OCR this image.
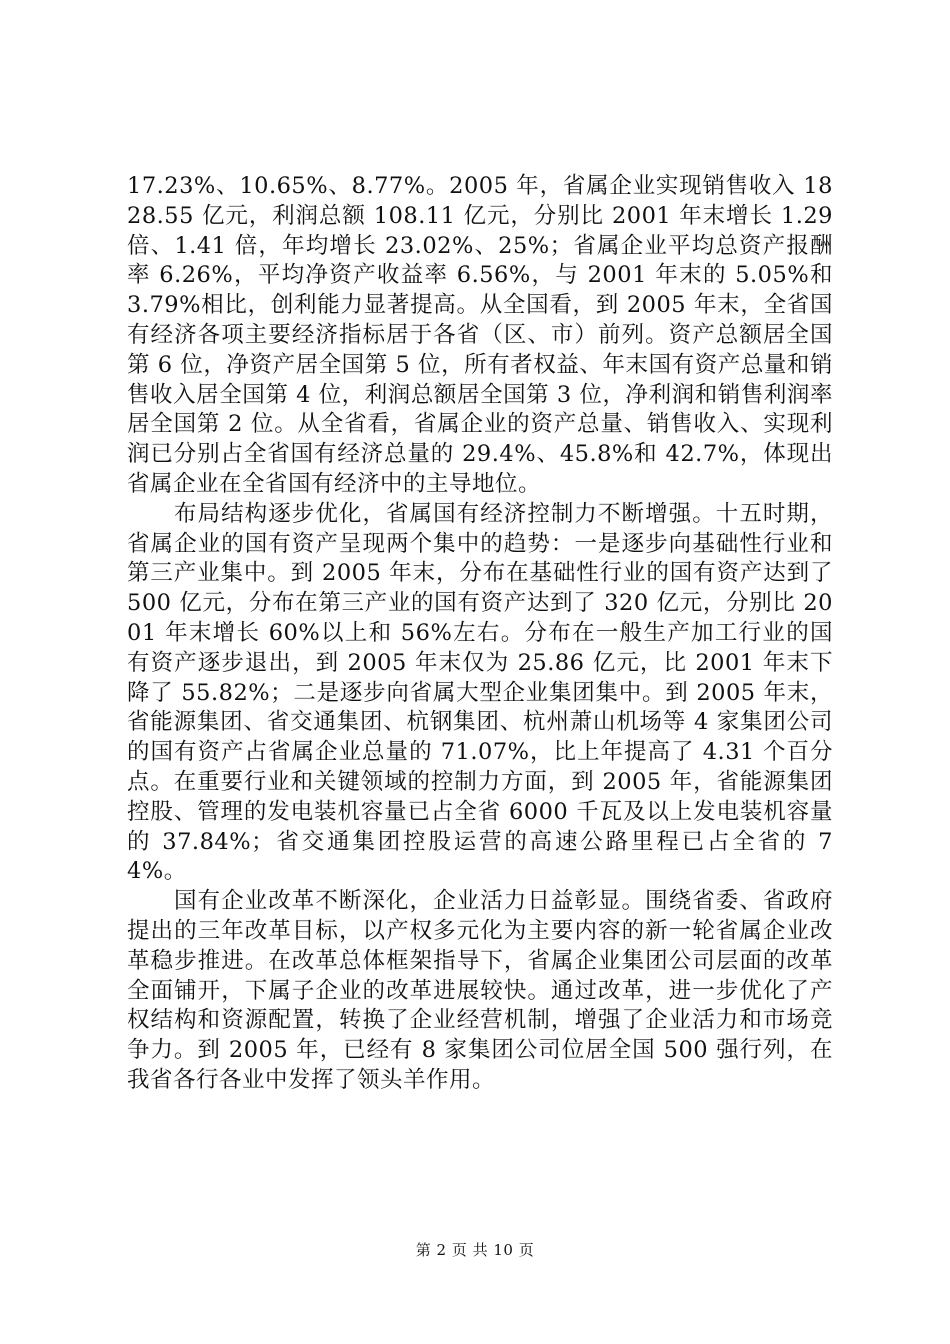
17.23%、10.65%、8.77%。2005 年，省属企业实现销售收入 1828.55 亿元，利润总额 108.11 亿元，分别比 2001 年末增长 1.29 倍、1.41 倍，年均增长 23.02%、25%；省属企业平均总资产报酬率 6.26%，平均净资产收益率 6.56%，与 2001 年末的 5.05%和 3.79%相比，创利能力显著提高。从全国看，到 2005 年末，全省国有经济各项主要经济指标居于各省（区、市）前列。资产总额居全国第 6 位，净资产居全国第 5 位，所有者权益、年末国有资产总量和销售收入居全国第 4 位，利润总额居全国第 3 位，净利润和销售利润率居全国第 2 位。从全省看，省属企业的资产总量、销售收入、实现利润已分别占全省国有经济总量的 29.4%、45.8%和 42.7%，体现出省属企业在全省国有经济中的主导地位。

布局结构逐步优化，省属国有经济控制力不断增强。十五时期，省属企业的国有资产呈现两个集中的趋势：一是逐步向基础性行业和第三产业集中。到 2005 年末，分布在基础性行业的国有资产达到了 500 亿元，分布在第三产业的国有资产达到了 320 亿元，分别比 2001 年末增长 60%以上和 56%左右。分布在一般生产加工行业的国有资产逐步退出，到 2005 年末仅为 25.86 亿元，比 2001 年末下降了 55.82%；二是逐步向省属大型企业集团集中。到 2005 年末，省能源集团、省交通集团、杭钢集团、杭州萧山机场等 4 家集团公司的国有资产占省属企业总量的 71.07%，比上年提高了 4.31 个百分点。在重要行业和关键领域的控制力方面，到 2005 年，省能源集团控股、管理的发电装机容量已占全省 6000 千瓦及以上发电装机容量的 37.84%；省交通集团控股运营的高速公路里程已占全省的 74%。

国有企业改革不断深化，企业活力日益彰显。围绕省委、省政府提出的三年改革目标，以产权多元化为主要内容的新一轮省属企业改革稳步推进。在改革总体框架指导下，省属企业集团公司层面的改革全面铺开，下属子企业的改革进展较快。通过改革，进一步优化了产权结构和资源配置，转换了企业经营机制，增强了企业活力和市场竞争力。到 2005 年，已经有 8 家集团公司位居全国 500 强行列，在我省各行各业中发挥了领头羊作用。

第 2 页 共 10 页
